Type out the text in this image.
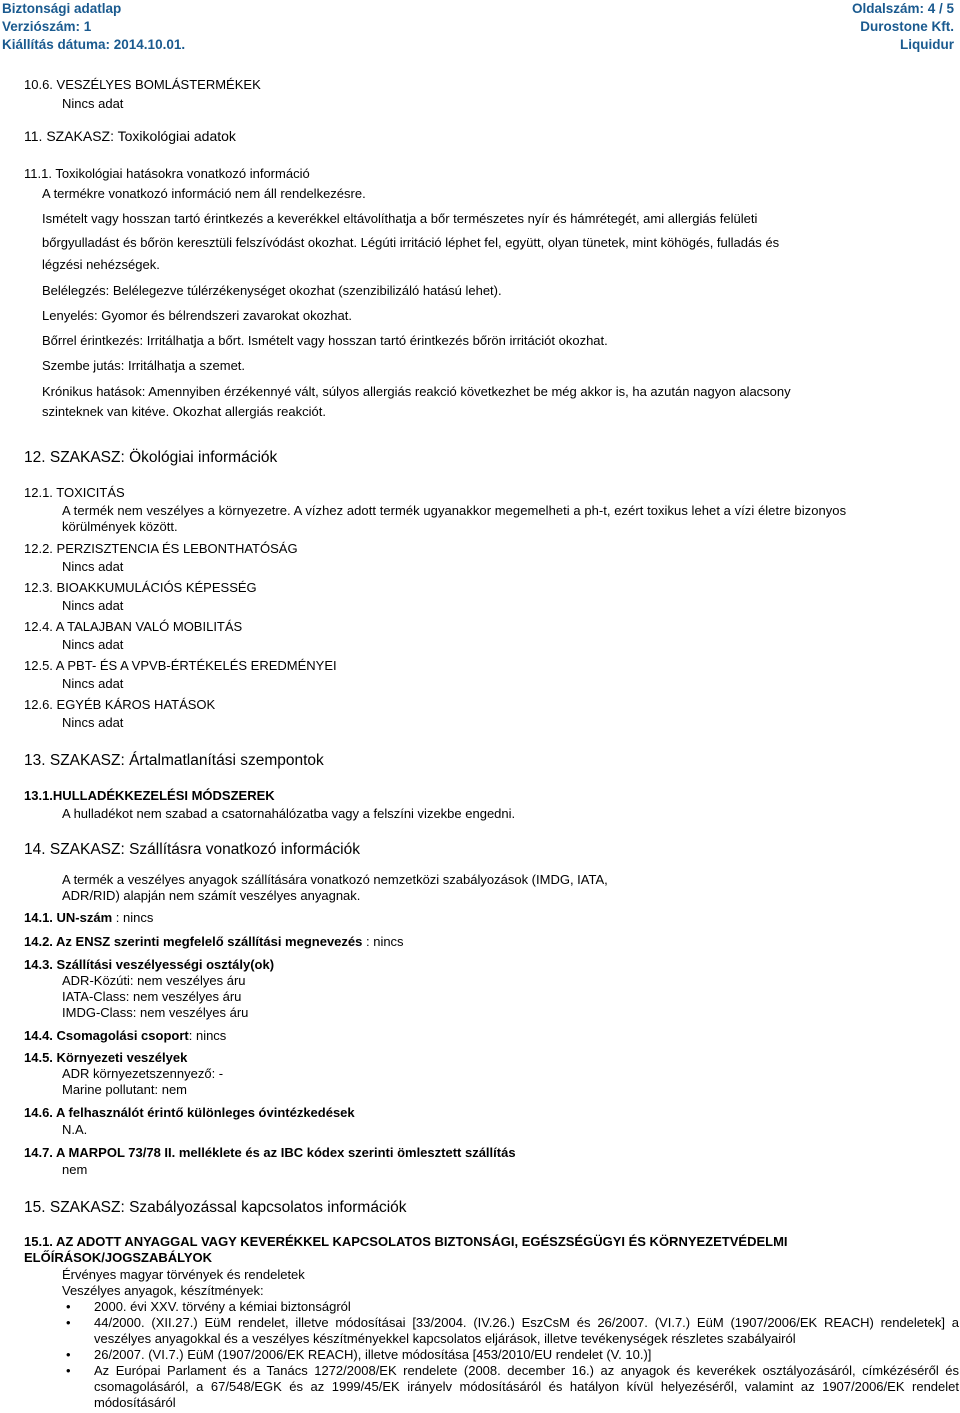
Biztonsági adatlap
Verziószám: 1
Kiállítás dátuma: 2014.10.01.
Oldalszám: 4 / 5
Durostone Kft.
Liquidur
10.6. VESZÉLYES BOMLÁSTERMÉKEK
Nincs adat
11. SZAKASZ: Toxikológiai adatok
11.1. Toxikológiai hatásokra vonatkozó információ
A termékre vonatkozó információ nem áll rendelkezésre.
Ismételt vagy hosszan tartó érintkezés a keverékkel eltávolíthatja a bőr természetes nyír és hámrétegét, ami allergiás felületi
bőrgyulladást és bőrön keresztüli felszívódást okozhat. Légúti irritáció léphet fel, együtt, olyan tünetek, mint köhögés, fulladás és
légzési nehézségek.
Belélegzés: Belélegezve túlérzékenységet okozhat (szenzibilizáló hatású lehet).
Lenyelés: Gyomor és bélrendszeri zavarokat okozhat.
Bőrrel érintkezés: Irritálhatja a bőrt. Ismételt vagy hosszan tartó érintkezés bőrön irritációt okozhat.
Szembe jutás: Irritálhatja a szemet.
Krónikus hatások: Amennyiben érzékennyé vált, súlyos allergiás reakció következhet be még akkor is, ha azután nagyon alacsony
szinteknek van kitéve. Okozhat allergiás reakciót.
12. SZAKASZ: Ökológiai információk
12.1. TOXICITÁS
A termék nem veszélyes a környezetre. A vízhez adott termék ugyanakkor megemelheti a ph-t, ezért toxikus lehet a vízi életre bizonyos
körülmények között.
12.2. PERZISZTENCIA ÉS LEBONTHATÓSÁG
Nincs adat
12.3. BIOAKKUMULÁCIÓS KÉPESSÉG
Nincs adat
12.4. A TALAJBAN VALÓ MOBILITÁS
Nincs adat
12.5. A PBT- ÉS A VPVB-ÉRTÉKELÉS EREDMÉNYEI
Nincs adat
12.6. EGYÉB KÁROS HATÁSOK
Nincs adat
13. SZAKASZ: Ártalmatlanítási szempontok
13.1.HULLADÉKKEZELÉSI MÓDSZEREK
A hulladékot nem szabad a csatornahálózatba vagy a felszíni vizekbe engedni.
14. SZAKASZ: Szállításra vonatkozó információk
A termék a veszélyes anyagok szállítására vonatkozó nemzetközi szabályozások (IMDG, IATA,
ADR/RID) alapján nem számít veszélyes anyagnak.
14.1. UN-szám : nincs
14.2. Az ENSZ szerinti megfelelő szállítási megnevezés : nincs
14.3. Szállítási veszélyességi osztály(ok)
ADR-Közúti: nem veszélyes áru
IATA-Class: nem veszélyes áru
IMDG-Class: nem veszélyes áru
14.4. Csomagolási csoport: nincs
14.5. Környezeti veszélyek
ADR környezetszennyező: -
Marine pollutant: nem
14.6. A felhasználót érintő különleges óvintézkedések
N.A.
14.7. A MARPOL 73/78 II. melléklete és az IBC kódex szerinti ömlesztett szállítás
nem
15. SZAKASZ: Szabályozással kapcsolatos információk
15.1. AZ ADOTT ANYAGGAL VAGY KEVERÉKKEL KAPCSOLATOS BIZTONSÁGI, EGÉSZSÉGÜGYI ÉS KÖRNYEZETVÉDELMI
ELŐÍRÁSOK/JOGSZABÁLYOK
Érvényes magyar törvények és rendeletek
Veszélyes anyagok, készítmények:
• 2000. évi XXV. törvény a kémiai biztonságról
• 44/2000. (XII.27.) EüM rendelet, illetve módosításai [33/2004. (IV.26.) EszCsM és 26/2007. (VI.7.) EüM (1907/2006/EK REACH) rendeletek] a veszélyes anyagokkal és a veszélyes készítményekkel kapcsolatos eljárások, illetve tevékenységek részletes szabályairól
• 26/2007. (VI.7.) EüM (1907/2006/EK REACH), illetve módosítása [453/2010/EU rendelet (V. 10.)]
• Az Európai Parlament és a Tanács 1272/2008/EK rendelete (2008. december 16.) az anyagok és keverékek osztályozásáról, címkézéséről és csomagolásáról, a 67/548/EGK és az 1999/45/EK irányelv módosításáról és hatályon kívül helyezéséről, valamint az 1907/2006/EK rendelet módosításáról
